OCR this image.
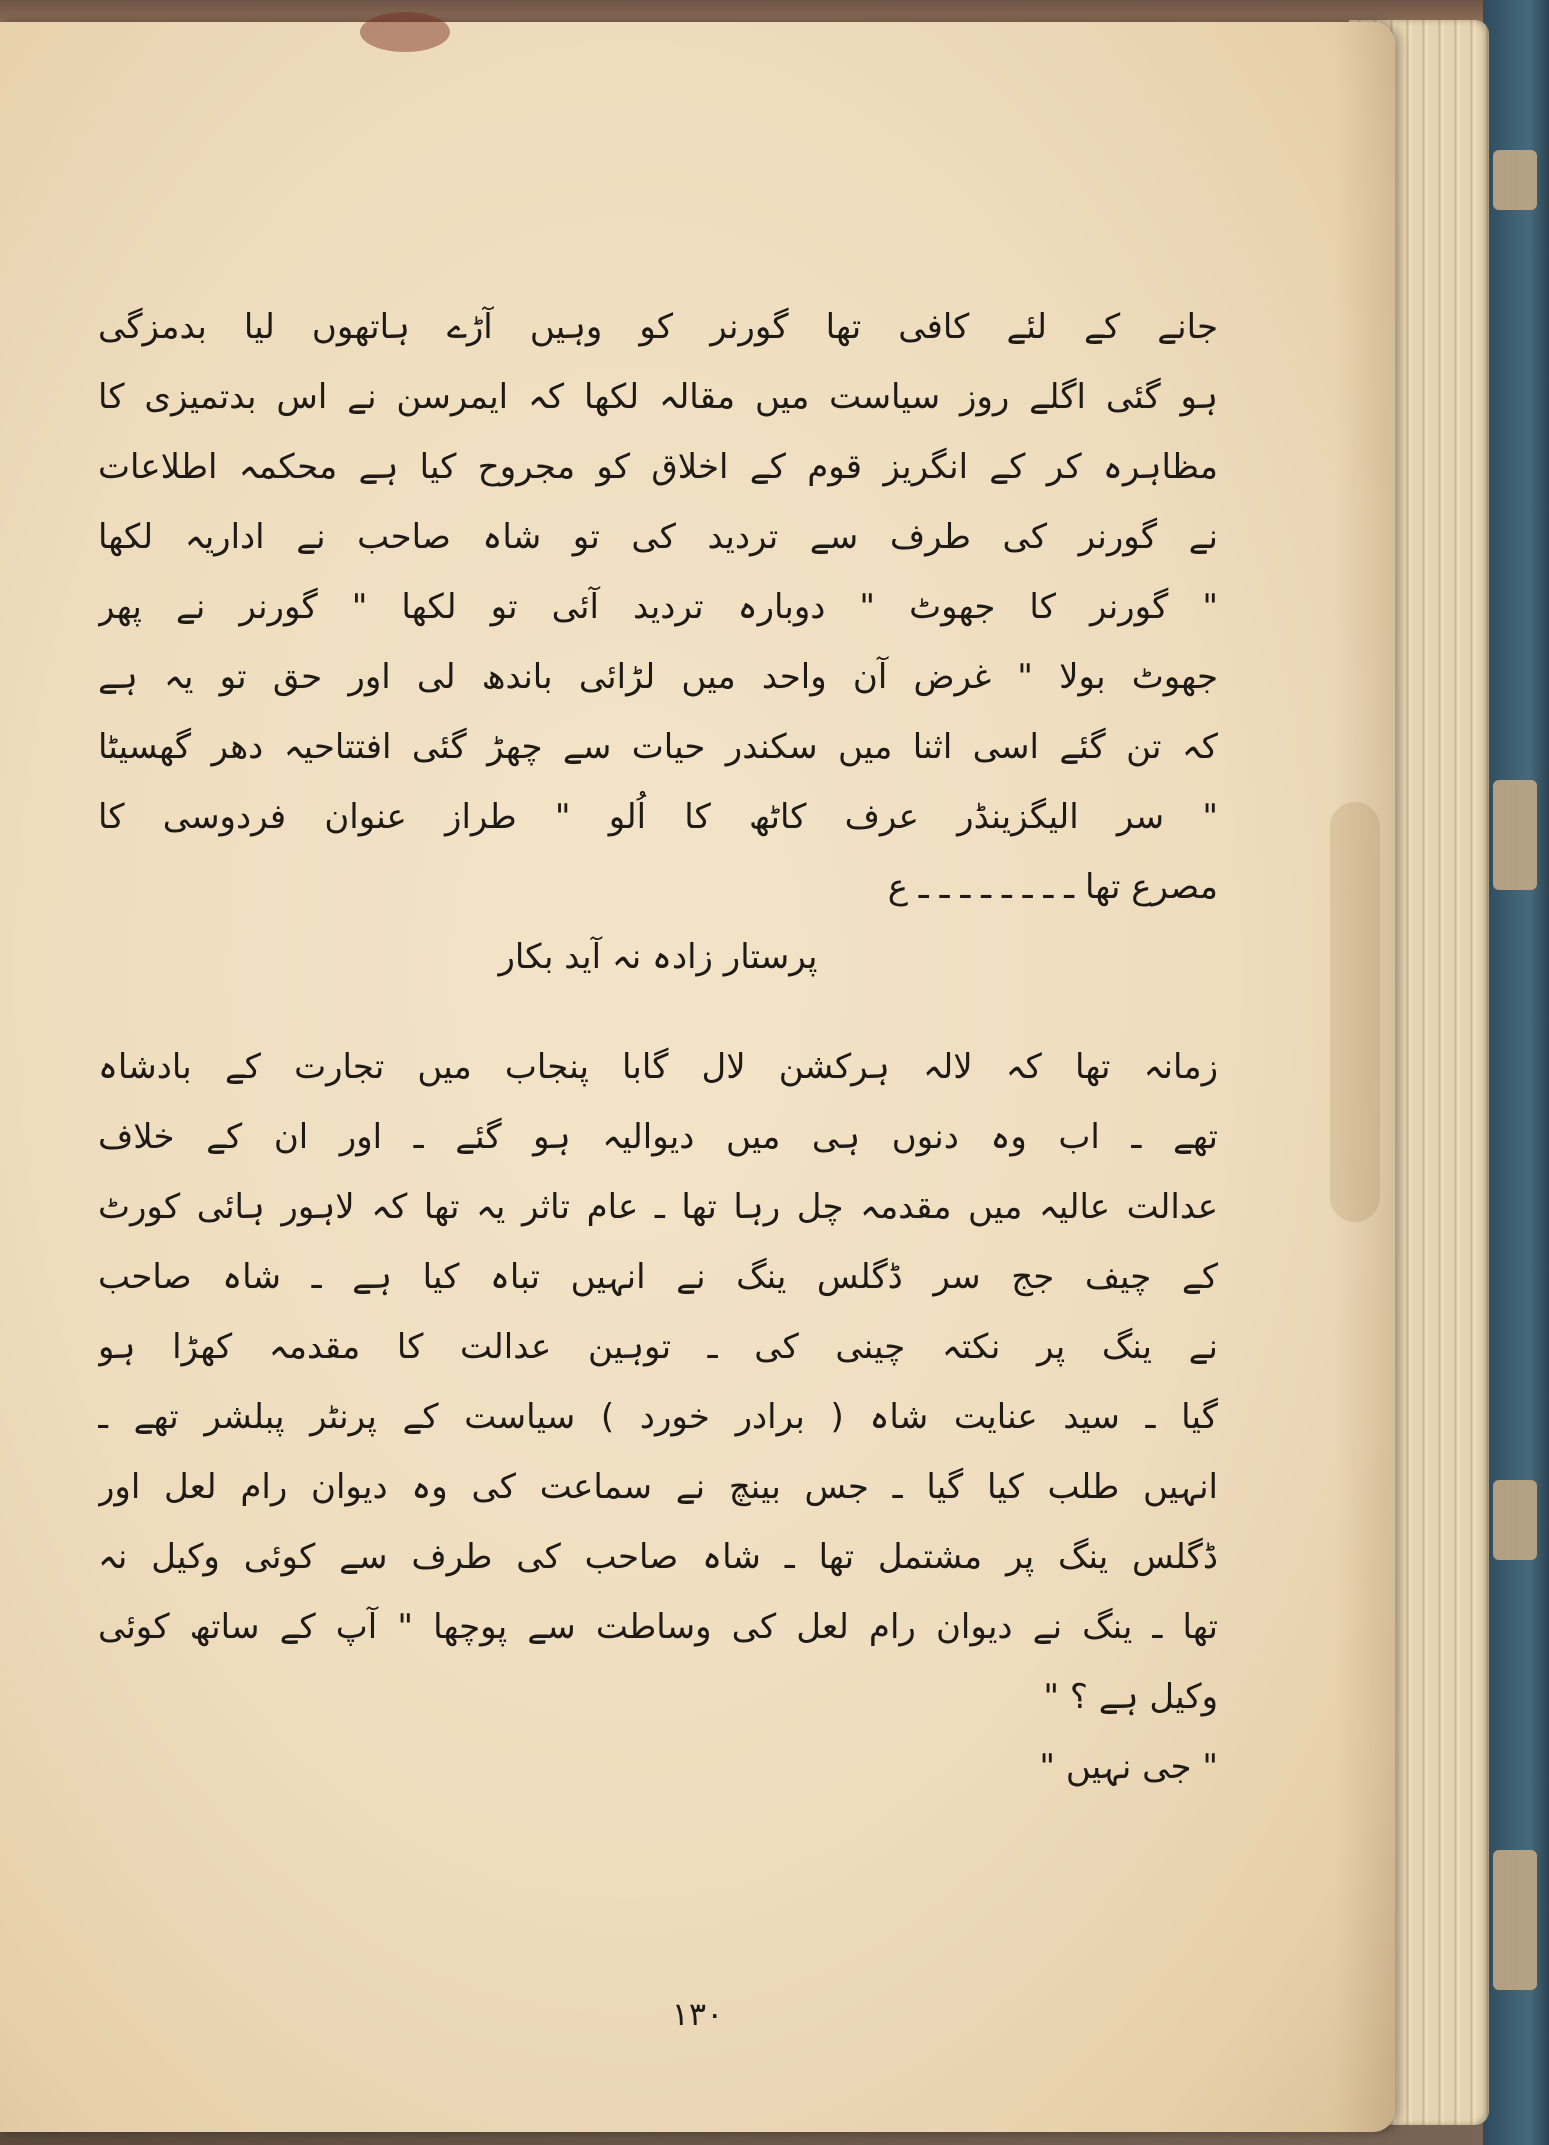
جانے کے لئے کافی تھا گورنر کو وہیں آڑے ہاتھوں لیا بدمزگی
ہو گئی اگلے روز سیاست میں مقالہ لکھا کہ ایمرسن نے اس بدتمیزی کا
مظاہرہ کر کے انگریز قوم کے اخلاق کو مجروح کیا ہے محکمہ اطلاعات
نے گورنر کی طرف سے تردید کی تو شاہ صاحب نے اداریہ لکھا
" گورنر کا جھوٹ " دوبارہ تردید آئی تو لکھا " گورنر نے پھر
جھوٹ بولا " غرض آن واحد میں لڑائی باندھ لی اور حق تو یہ ہے
کہ تن گئے اسی اثنا میں سکندر حیات سے چھڑ گئی افتتاحیہ دھر گھسیٹا
" سر الیگزینڈر عرف کاٹھ کا اُلو " طراز عنوان فردوسی کا
مصرع تھا ـ ـ ـ ـ ـ ـ ـ ـ ع
پرستار زادہ نہ آید بکار
زمانہ تھا کہ لالہ ہرکشن لال گابا پنجاب میں تجارت کے بادشاہ
تھے ـ اب وہ دنوں ہی میں دیوالیہ ہو گئے ـ اور ان کے خلاف
عدالت عالیہ میں مقدمہ چل رہا تھا ـ عام تاثر یہ تھا کہ لاہور ہائی کورٹ
کے چیف جج سر ڈگلس ینگ نے انہیں تباہ کیا ہے ـ شاہ صاحب
نے ینگ پر نکتہ چینی کی ـ توہین عدالت کا مقدمہ کھڑا ہو
گیا ـ سید عنایت شاہ ( برادر خورد ) سیاست کے پرنٹر پبلشر تھے ـ
انہیں طلب کیا گیا ـ جس بینچ نے سماعت کی وہ دیوان رام لعل اور
ڈگلس ینگ پر مشتمل تھا ـ شاہ صاحب کی طرف سے کوئی وکیل نہ
تھا ـ ینگ نے دیوان رام لعل کی وساطت سے پوچھا " آپ کے ساتھ کوئی
وکیل ہے ؟ "
" جی نہیں "
۱۳۰
